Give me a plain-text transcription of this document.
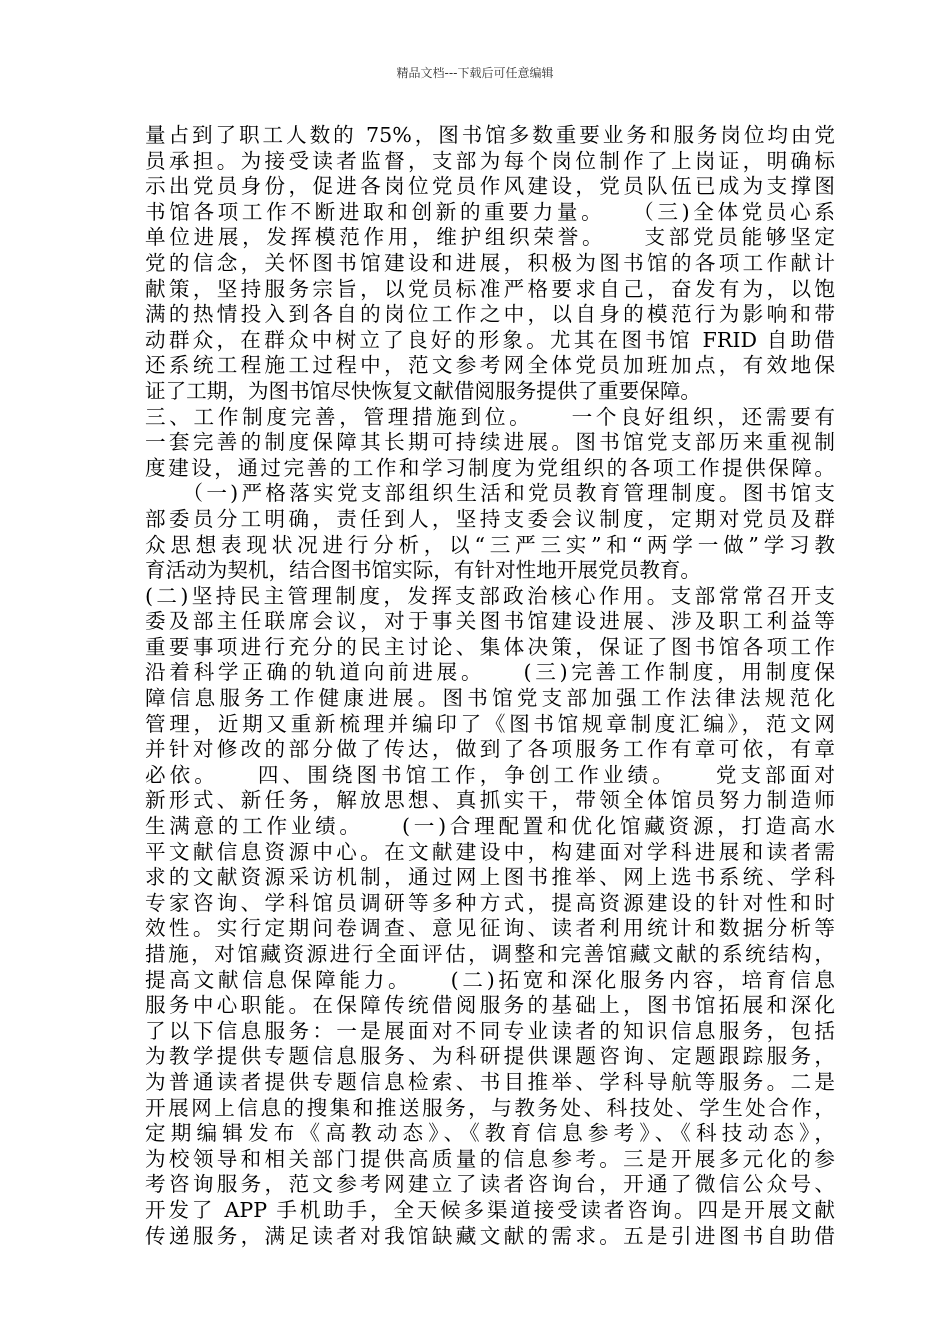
精品文档---下载后可任意编辑
量占到了职工人数的 75%，图书馆多数重要业务和服务岗位均由党
员承担。为接受读者监督，支部为每个岗位制作了上岗证，明确标
示出党员身份，促进各岗位党员作风建设，党员队伍已成为支撑图
书馆各项工作不断进取和创新的重要力量。　　（三)全体党员心系
单位进展，发挥模范作用，维护组织荣誉。　　支部党员能够坚定
党的信念，关怀图书馆建设和进展，积极为图书馆的各项工作献计
献策，坚持服务宗旨，以党员标准严格要求自己，奋发有为，以饱
满的热情投入到各自的岗位工作之中，以自身的模范行为影响和带
动群众，在群众中树立了良好的形象。尤其在图书馆 FRID 自助借
还系统工程施工过程中，范文参考网全体党员加班加点，有效地保
证了工期，为图书馆尽快恢复文献借阅服务提供了重要保障。
三、工作制度完善，管理措施到位。　　一个良好组织，还需要有
一套完善的制度保障其长期可持续进展。图书馆党支部历来重视制
度建设，通过完善的工作和学习制度为党组织的各项工作提供保障。
　　（一)严格落实党支部组织生活和党员教育管理制度。图书馆支
部委员分工明确，责任到人，坚持支委会议制度，定期对党员及群
众思想表现状况进行分析，以“三严三实”和“两学一做”学习教
育活动为契机，结合图书馆实际，有针对性地开展党员教育。
(二)坚持民主管理制度，发挥支部政治核心作用。支部常常召开支
委及部主任联席会议，对于事关图书馆建设进展、涉及职工利益等
重要事项进行充分的民主讨论、集体决策，保证了图书馆各项工作
沿着科学正确的轨道向前进展。　　(三)完善工作制度，用制度保
障信息服务工作健康进展。图书馆党支部加强工作法律法规范化
管理，近期又重新梳理并编印了《图书馆规章制度汇编》，范文网
并针对修改的部分做了传达，做到了各项服务工作有章可依，有章
必依。　　四、围绕图书馆工作，争创工作业绩。　　党支部面对
新形式、新任务，解放思想、真抓实干，带领全体馆员努力制造师
生满意的工作业绩。　　(一)合理配置和优化馆藏资源，打造高水
平文献信息资源中心。在文献建设中，构建面对学科进展和读者需
求的文献资源采访机制，通过网上图书推举、网上选书系统、学科
专家咨询、学科馆员调研等多种方式，提高资源建设的针对性和时
效性。实行定期问卷调查、意见征询、读者利用统计和数据分析等
措施，对馆藏资源进行全面评估，调整和完善馆藏文献的系统结构，
提高文献信息保障能力。　　(二)拓宽和深化服务内容，培育信息
服务中心职能。在保障传统借阅服务的基础上，图书馆拓展和深化
了以下信息服务：一是展面对不同专业读者的知识信息服务，包括
为教学提供专题信息服务、为科研提供课题咨询、定题跟踪服务，
为普通读者提供专题信息检索、书目推举、学科导航等服务。二是
开展网上信息的搜集和推送服务，与教务处、科技处、学生处合作，
定期编辑发布《高教动态》、《教育信息参考》、《科技动态》，
为校领导和相关部门提供高质量的信息参考。三是开展多元化的参
考咨询服务，范文参考网建立了读者咨询台，开通了微信公众号、
开发了 APP 手机助手，全天候多渠道接受读者咨询。四是开展文献
传递服务，满足读者对我馆缺藏文献的需求。五是引进图书自助借
